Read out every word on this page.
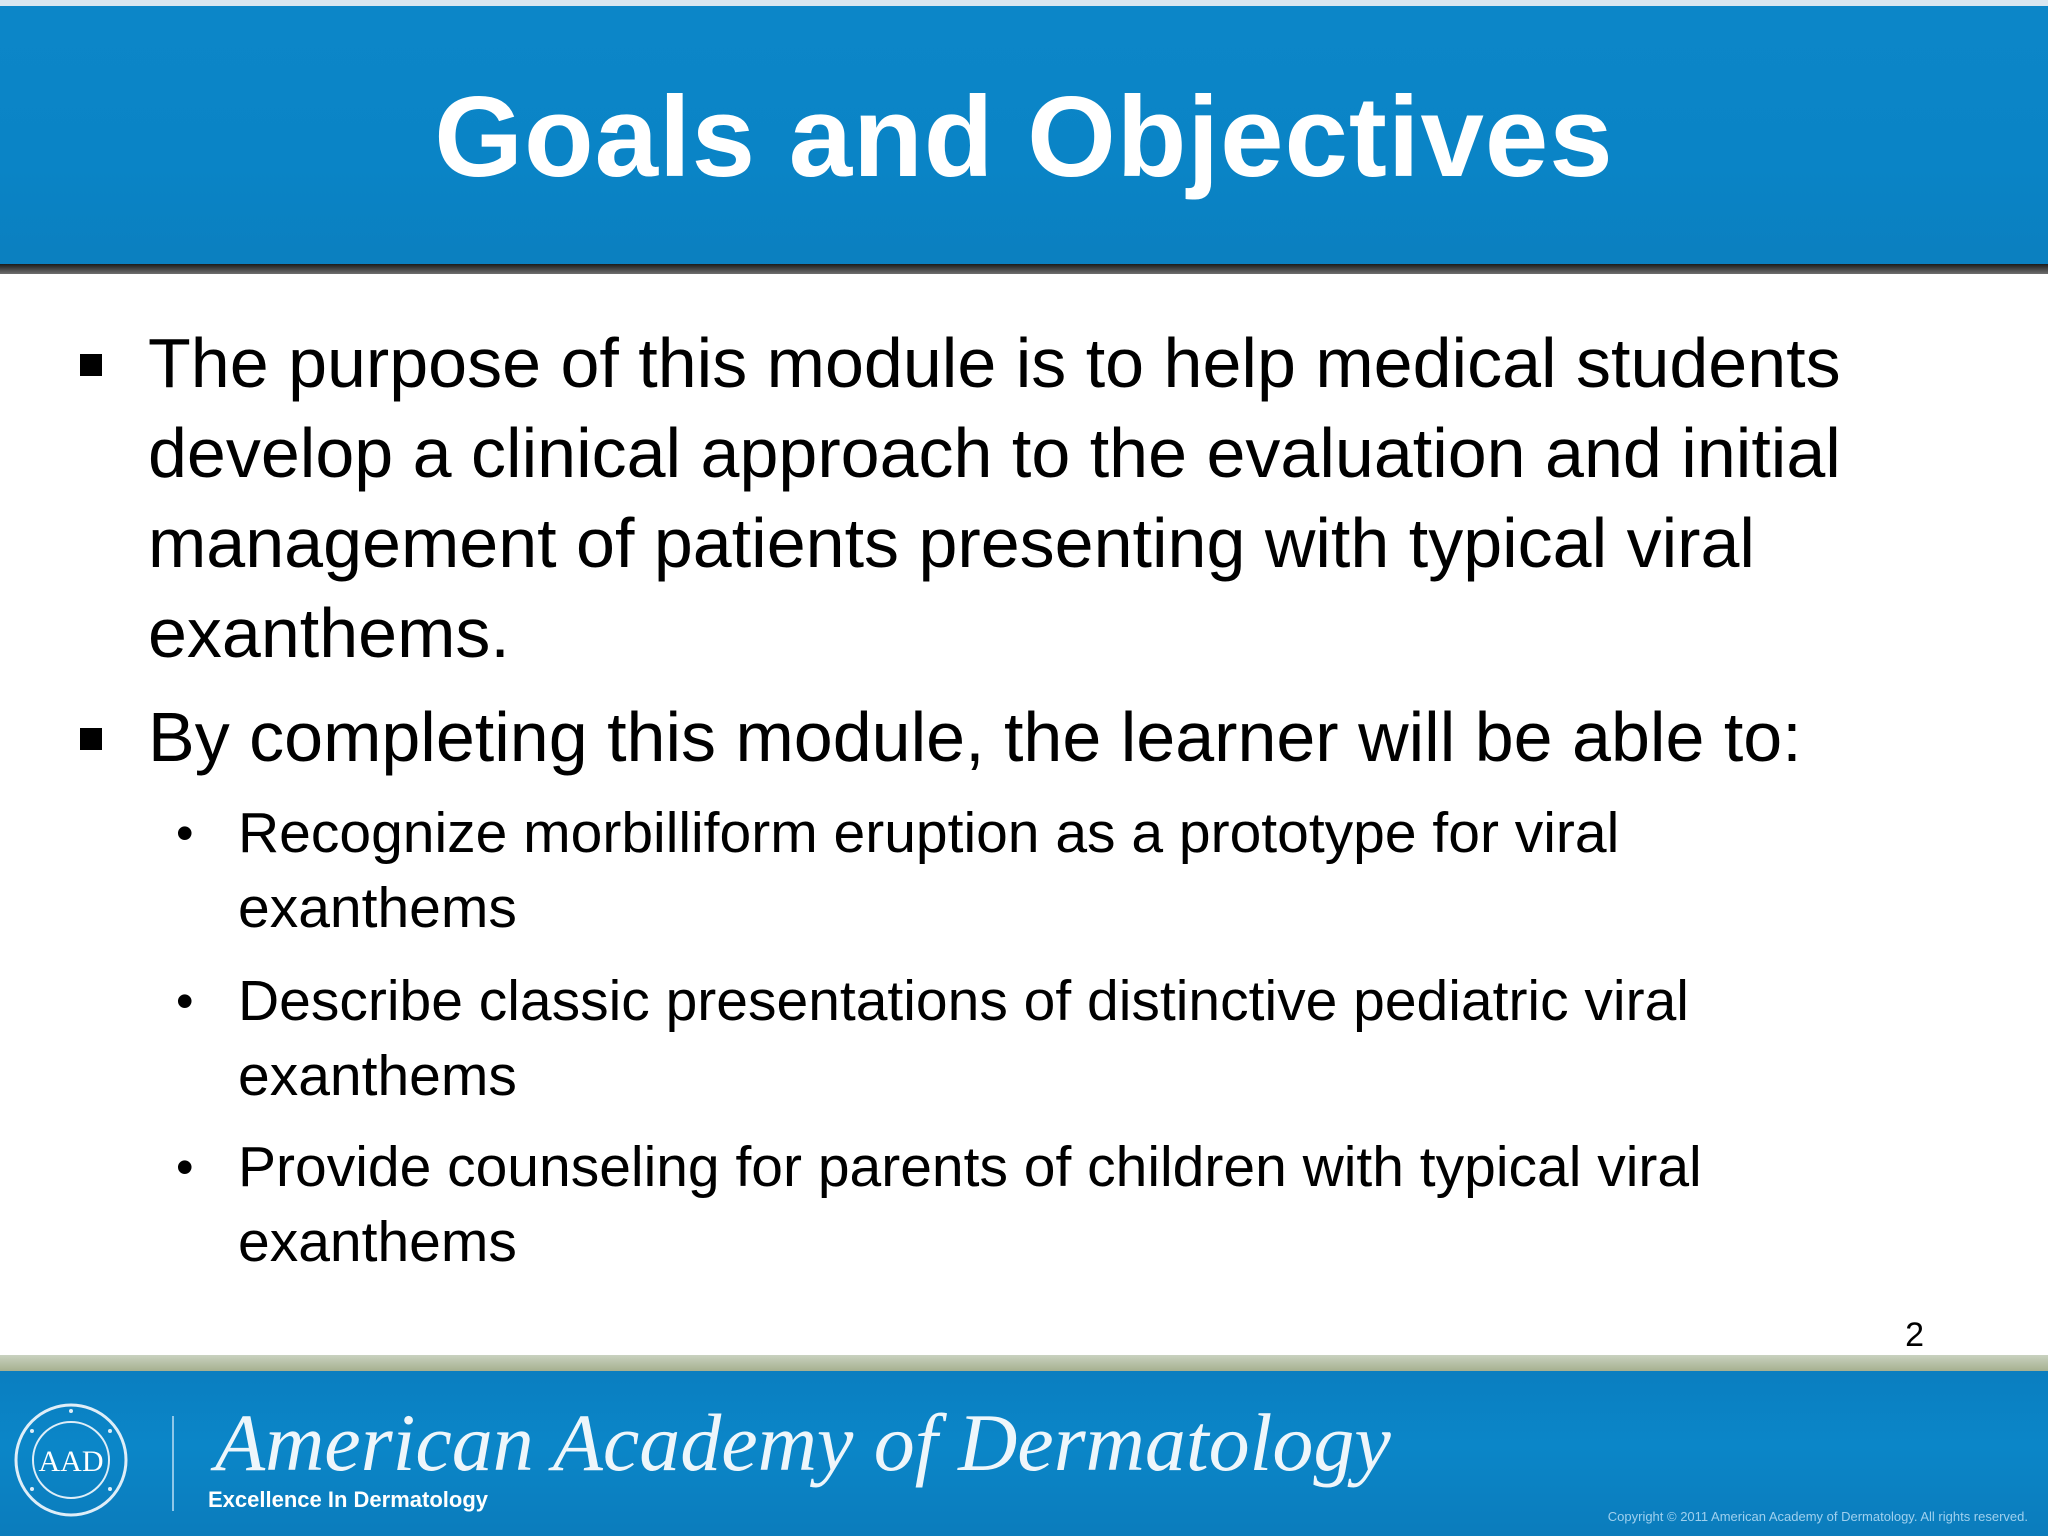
Goals and Objectives
The purpose of this module is to help medical students develop a clinical approach to the evaluation and initial management of patients presenting with typical viral exanthems.
By completing this module, the learner will be able to:
• Recognize morbilliform eruption as a prototype for viral exanthems
• Describe classic presentations of distinctive pediatric viral exanthems
• Provide counseling for parents of children with typical viral exanthems
2
AAD American Academy of Dermatology
Excellence In Dermatology
Copyright © 2011 American Academy of Dermatology. All rights reserved.
